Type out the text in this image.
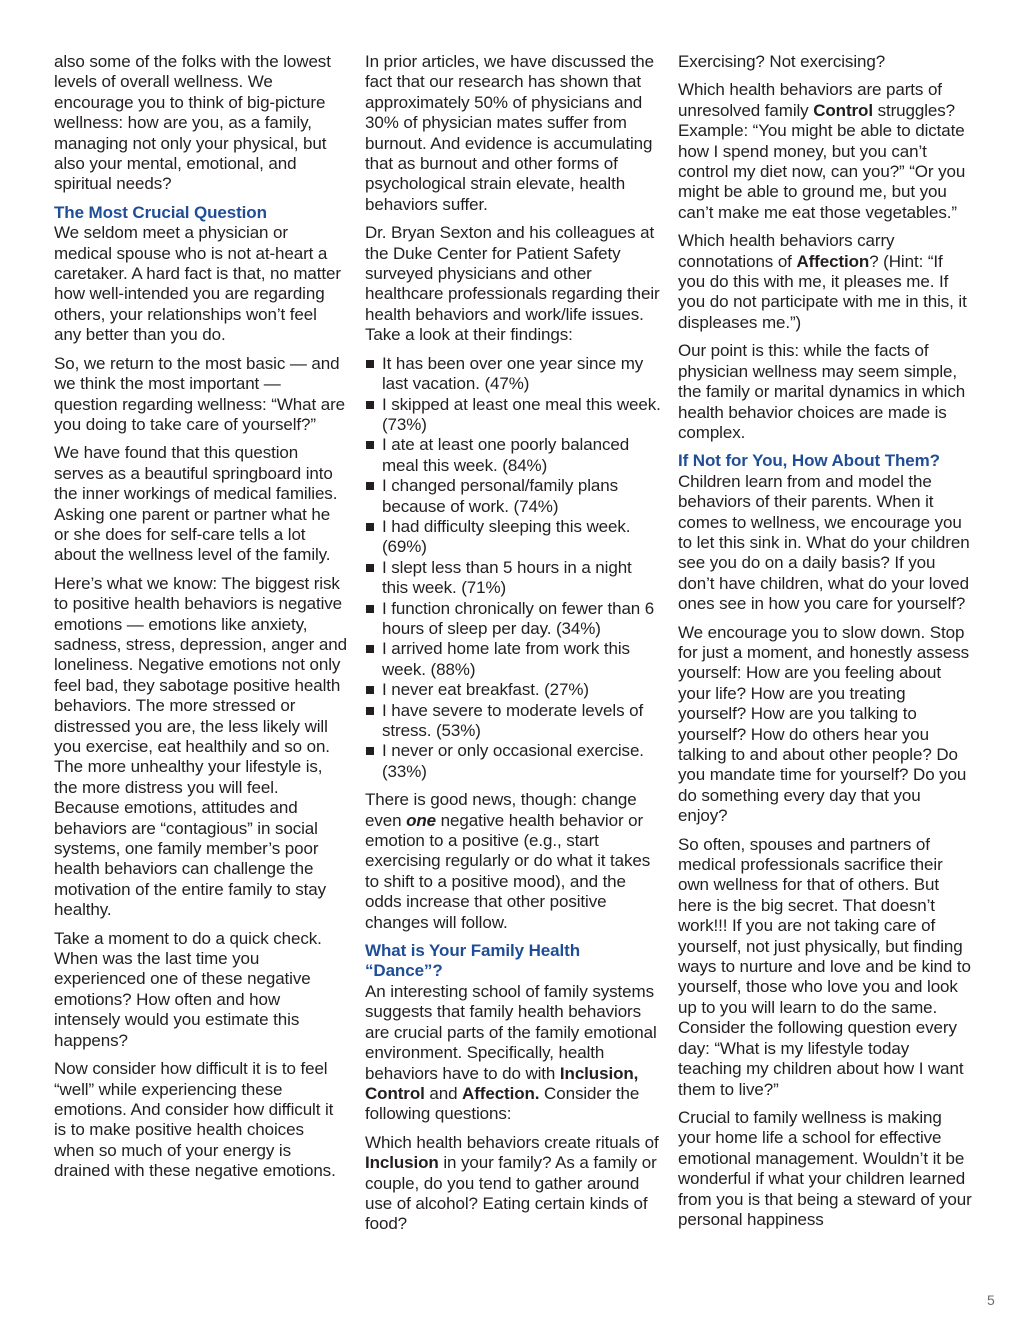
also some of the folks with the lowest levels of overall wellness. We encourage you to think of big-picture wellness: how are you, as a family, managing not only your physical, but also your mental, emotional, and spiritual needs?

The Most Crucial Question

We seldom meet a physician or medical spouse who is not at-heart a caretaker. A hard fact is that, no matter how well-intended you are regarding others, your relationships won’t feel any better than you do.

So, we return to the most basic — and we think the most important — question regarding wellness: “What are you doing to take care of yourself?”

We have found that this question serves as a beautiful springboard into the inner workings of medical families. Asking one parent or partner what he or she does for self-care tells a lot about the wellness level of the family.

Here’s what we know: The biggest risk to positive health behaviors is negative emotions — emotions like anxiety, sadness, stress, depression, anger and loneliness. Negative emotions not only feel bad, they sabotage positive health behaviors. The more stressed or distressed you are, the less likely will you exercise, eat healthily and so on. The more unhealthy your lifestyle is, the more distress you will feel. Because emotions, attitudes and behaviors are “contagious” in social systems, one family member’s poor health behaviors can challenge the motivation of the entire family to stay healthy.

Take a moment to do a quick check. When was the last time you experienced one of these negative emotions? How often and how intensely would you estimate this happens?

Now consider how difficult it is to feel “well” while experiencing these emotions. And consider how difficult it is to make positive health choices when so much of your energy is drained with these negative emotions.

In prior articles, we have discussed the fact that our research has shown that approximately 50% of physicians and 30% of physician mates suffer from burnout. And evidence is accumulating that as burnout and other forms of psychological strain elevate, health behaviors suffer.

Dr. Bryan Sexton and his colleagues at the Duke Center for Patient Safety surveyed physicians and other healthcare professionals regarding their health behaviors and work/life issues. Take a look at their findings:

It has been over one year since my last vacation. (47%)
I skipped at least one meal this week. (73%)
I ate at least one poorly balanced meal this week. (84%)
I changed personal/family plans because of work. (74%)
I had difficulty sleeping this week. (69%)
I slept less than 5 hours in a night this week. (71%)
I function chronically on fewer than 6 hours of sleep per day. (34%)
I arrived home late from work this week. (88%)
I never eat breakfast. (27%)
I have severe to moderate levels of stress. (53%)
I never or only occasional exercise. (33%)

There is good news, though: change even one negative health behavior or emotion to a positive (e.g., start exercising regularly or do what it takes to shift to a positive mood), and the odds increase that other positive changes will follow.

What is Your Family Health “Dance”?

An interesting school of family systems suggests that family health behaviors are crucial parts of the family emotional environment. Specifically, health behaviors have to do with Inclusion, Control and Affection. Consider the following questions:

Which health behaviors create rituals of Inclusion in your family? As a family or couple, do you tend to gather around use of alcohol? Eating certain kinds of food?

Exercising? Not exercising?

Which health behaviors are parts of unresolved family Control struggles? Example: “You might be able to dictate how I spend money, but you can’t control my diet now, can you?” “Or you might be able to ground me, but you can’t make me eat those vegetables.”

Which health behaviors carry connotations of Affection? (Hint: “If you do this with me, it pleases me. If you do not participate with me in this, it displeases me.”)

Our point is this: while the facts of physician wellness may seem simple, the family or marital dynamics in which health behavior choices are made is complex.

If Not for You, How About Them?

Children learn from and model the behaviors of their parents. When it comes to wellness, we encourage you to let this sink in. What do your children see you do on a daily basis? If you don’t have children, what do your loved ones see in how you care for yourself?

We encourage you to slow down. Stop for just a moment, and honestly assess yourself: How are you feeling about your life? How are you treating yourself? How are you talking to yourself? How do others hear you talking to and about other people? Do you mandate time for yourself? Do you do something every day that you enjoy?

So often, spouses and partners of medical professionals sacrifice their own wellness for that of others. But here is the big secret. That doesn’t work!!! If you are not taking care of yourself, not just physically, but finding ways to nurture and love and be kind to yourself, those who love you and look up to you will learn to do the same. Consider the following question every day: “What is my lifestyle today teaching my children about how I want them to live?”

Crucial to family wellness is making your home life a school for effective emotional management. Wouldn’t it be wonderful if what your children learned from you is that being a steward of your personal happiness

5
